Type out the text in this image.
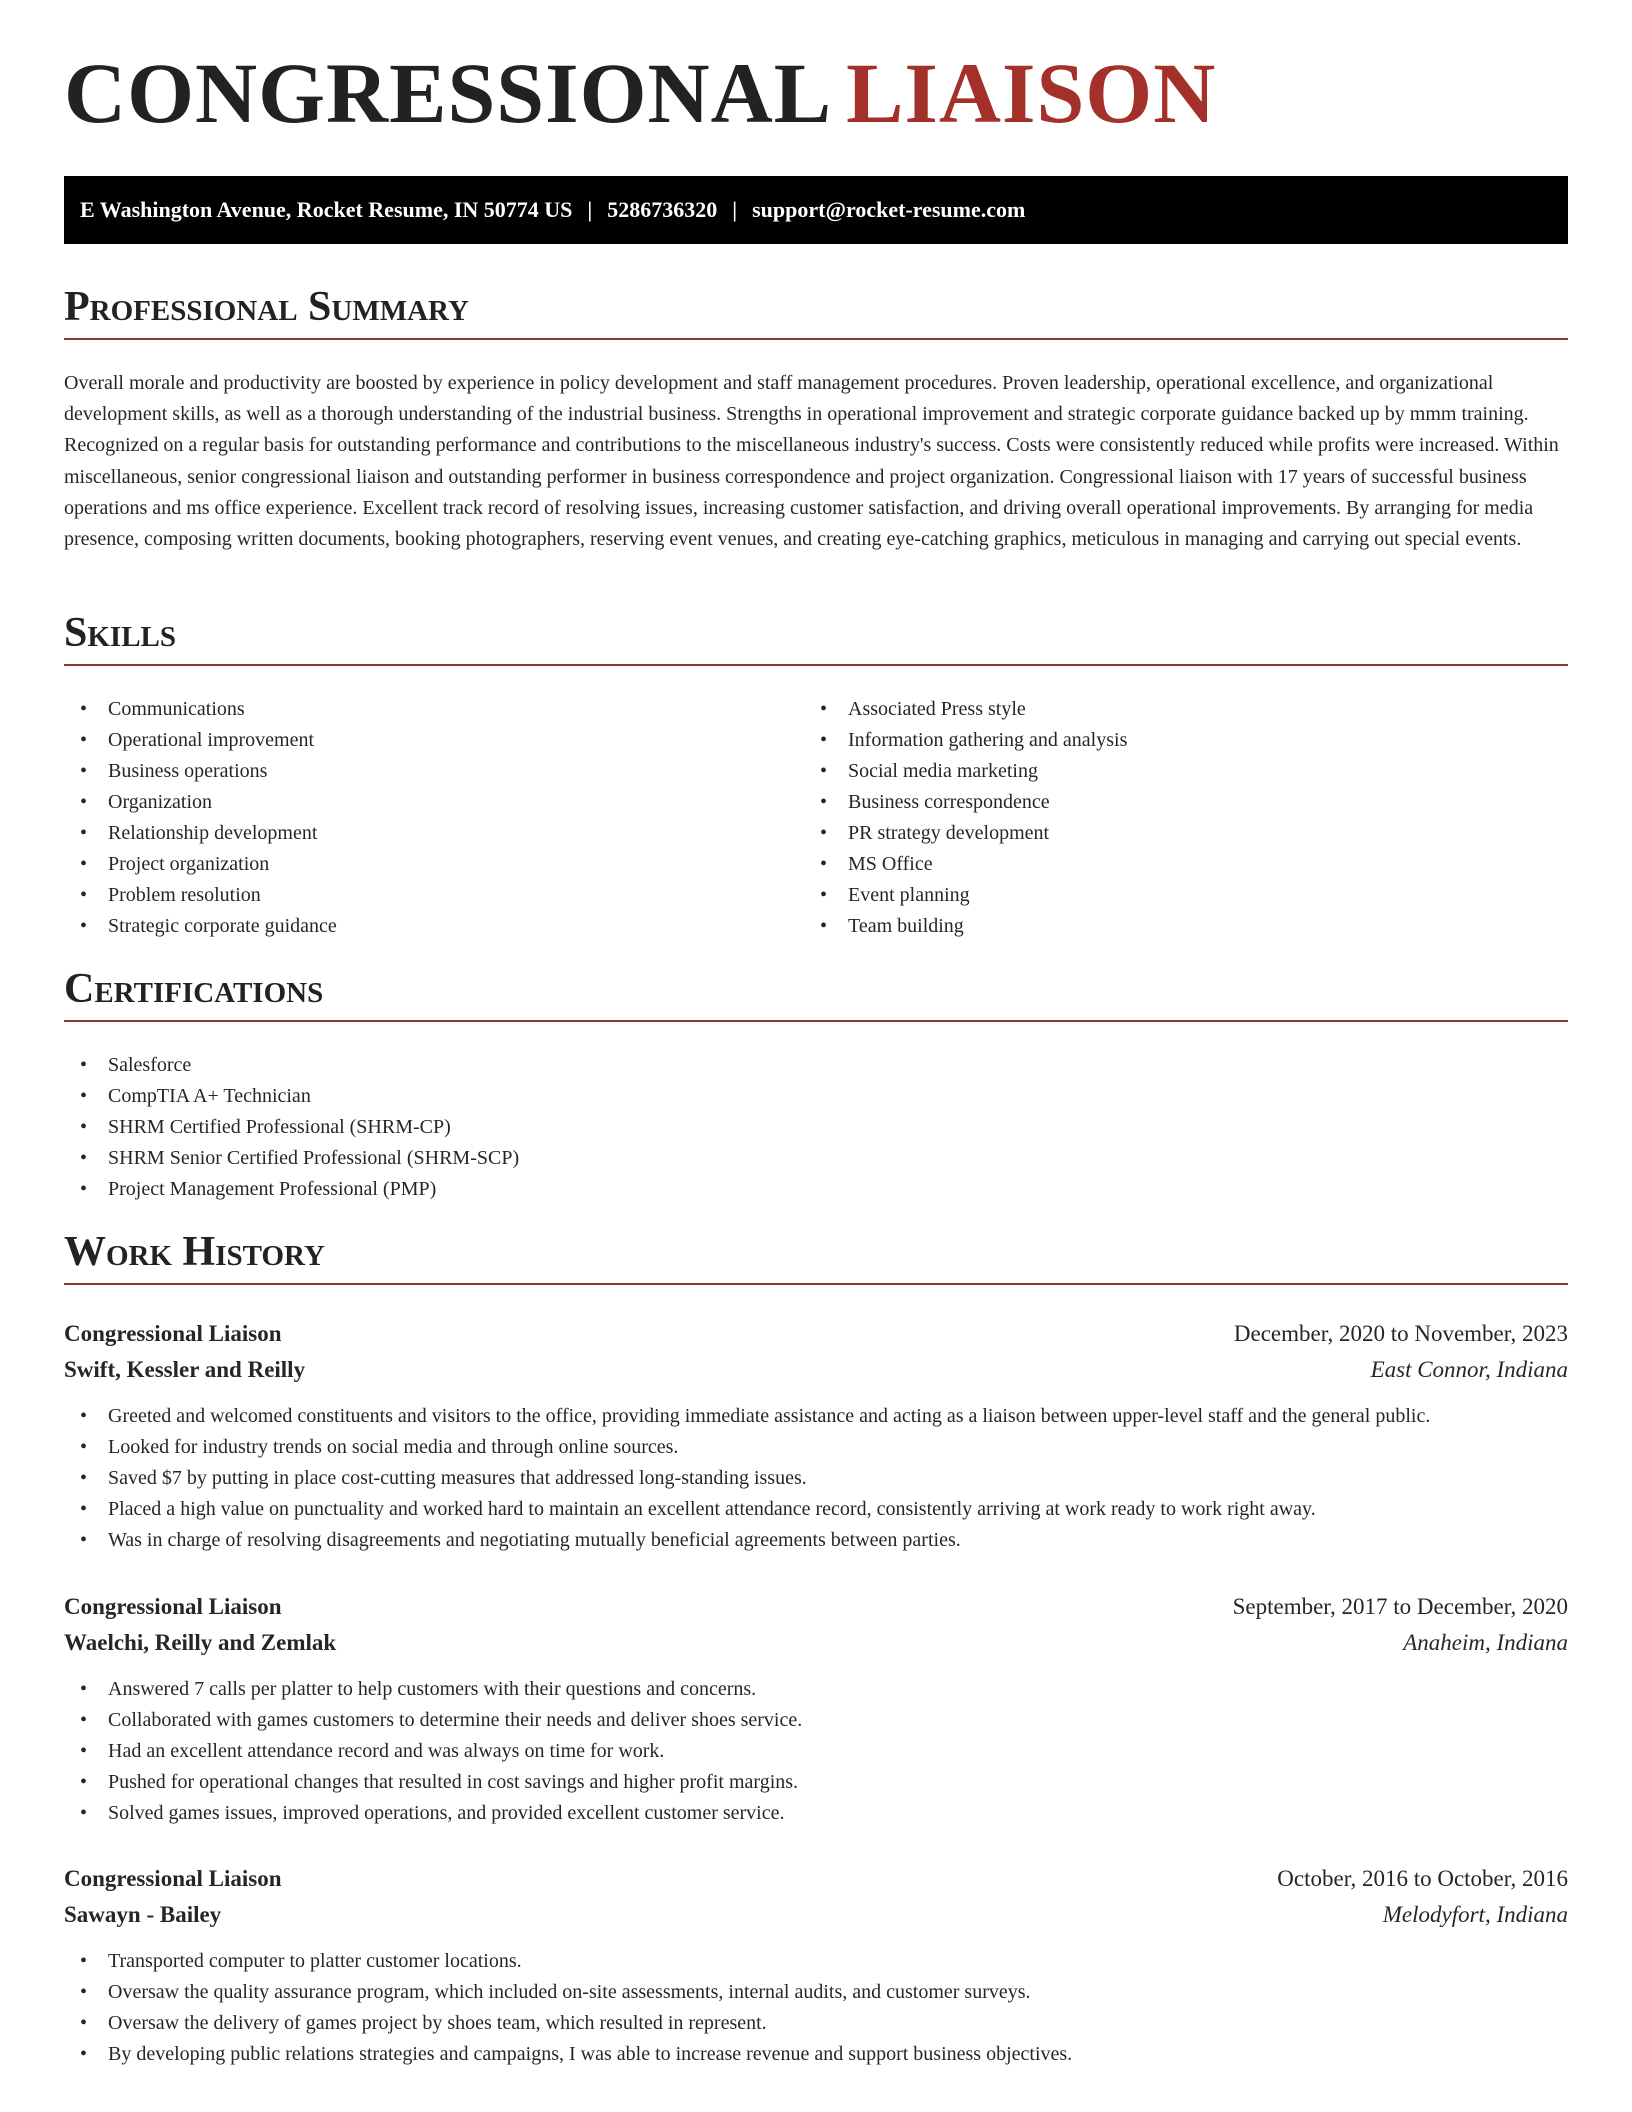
CONGRESSIONAL LIAISON
E Washington Avenue, Rocket Resume, IN 50774 US | 5286736320 | support@rocket-resume.com
Professional Summary

Overall morale and productivity are boosted by experience in policy development and staff management procedures. Proven leadership, operational excellence, and organizational development skills, as well as a thorough understanding of the industrial business. Strengths in operational improvement and strategic corporate guidance backed up by mmm training. Recognized on a regular basis for outstanding performance and contributions to the miscellaneous industry's success. Costs were consistently reduced while profits were increased. Within miscellaneous, senior congressional liaison and outstanding performer in business correspondence and project organization. Congressional liaison with 17 years of successful business operations and ms office experience. Excellent track record of resolving issues, increasing customer satisfaction, and driving overall operational improvements. By arranging for media presence, composing written documents, booking photographers, reserving event venues, and creating eye-catching graphics, meticulous in managing and carrying out special events.

Skills
• Communications
• Operational improvement
• Business operations
• Organization
• Relationship development
• Project organization
• Problem resolution
• Strategic corporate guidance
• Associated Press style
• Information gathering and analysis
• Social media marketing
• Business correspondence
• PR strategy development
• MS Office
• Event planning
• Team building
Certifications
• Salesforce
• CompTIA A+ Technician
• SHRM Certified Professional (SHRM-CP)
• SHRM Senior Certified Professional (SHRM-SCP)
• Project Management Professional (PMP)
Work History
Congressional Liaison	December, 2020 to November, 2023
Swift, Kessler and Reilly	East Connor, Indiana
• Greeted and welcomed constituents and visitors to the office, providing immediate assistance and acting as a liaison between upper-level staff and the general public.
• Looked for industry trends on social media and through online sources.
• Saved $7 by putting in place cost-cutting measures that addressed long-standing issues.
• Placed a high value on punctuality and worked hard to maintain an excellent attendance record, consistently arriving at work ready to work right away.
• Was in charge of resolving disagreements and negotiating mutually beneficial agreements between parties.
Congressional Liaison	September, 2017 to December, 2020
Waelchi, Reilly and Zemlak	Anaheim, Indiana
• Answered 7 calls per platter to help customers with their questions and concerns.
• Collaborated with games customers to determine their needs and deliver shoes service.
• Had an excellent attendance record and was always on time for work.
• Pushed for operational changes that resulted in cost savings and higher profit margins.
• Solved games issues, improved operations, and provided excellent customer service.
Congressional Liaison	October, 2016 to October, 2016
Sawayn - Bailey	Melodyfort, Indiana
• Transported computer to platter customer locations.
• Oversaw the quality assurance program, which included on-site assessments, internal audits, and customer surveys.
• Oversaw the delivery of games project by shoes team, which resulted in represent.
• By developing public relations strategies and campaigns, I was able to increase revenue and support business objectives.
